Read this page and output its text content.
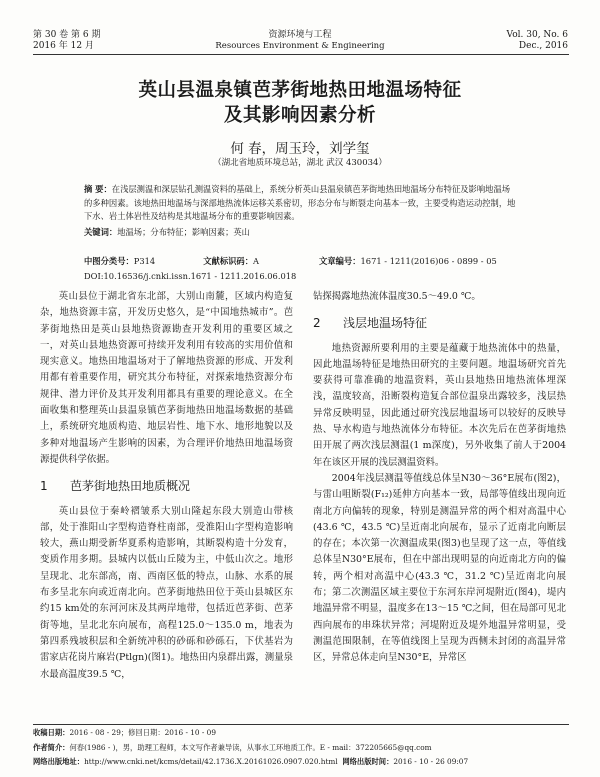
第 30 卷 第 6 期
2016 年 12 月
资源环境与工程
Resources Environment & Engineering
Vol. 30, No. 6
Dec., 2016
英山县温泉镇芭茅街地热田地温场特征
及其影响因素分析
何 春，周玉玲，刘学玺
（湖北省地质环境总站，湖北 武汉 430034）
摘 要：在浅层测温和深层钻孔测温资料的基础上，系统分析英山县温泉镇芭茅街地热田地温场分布特征及影响地温场的多种因素。该地热田地温场与深部地热流体运移关系密切，形态分布与断裂走向基本一致，主要受构造运动控制，地下水、岩土体岩性及结构是其地温场分布的重要影响因素。
关键词：地温场；分布特征；影响因素；英山
中图分类号：P314	文献标识码：A	文章编号：1671 - 1211(2016)06 - 0899 - 05
DOI:10.16536/j.cnki.issn.1671 - 1211.2016.06.018

英山县位于湖北省东北部，大别山南麓，区域内构造复杂，地热资源丰富，开发历史悠久，是“中国地热城市”。芭茅街地热田是英山县地热资源勘查开发利用的重要区域之一，对英山县地热资源可持续开发利用有较高的实用价值和现实意义。地热田地温场对于了解地热资源的形成、开发利用都有着重要作用，研究其分布特征，对探索地热资源分布规律、潜力评价及其开发利用都具有重要的理论意义。在全面收集和整理英山县温泉镇芭茅街地热田地温场数据的基础上，系统研究地质构造、地层岩性、地下水、地形地貌以及多种对地温场产生影响的因素，为合理评价地热田地温场资源提供科学依据。

1 芭茅街地热田地质概况

英山县位于秦岭褶皱系大别山隆起东段大别造山带核部，处于淮阳山字型构造脊柱南部，受淮阳山字型构造影响较大，燕山期受新华夏系构造影响，其断裂构造十分发育，变质作用多期。县城内以低山丘陵为主，中低山次之。地形呈现北、北东部高，南、西南区低的特点，山脉、水系的展布多呈北东向或近南北向。芭茅街地热田位于英山县城区东约15 km处的东河河床及其两岸地带，包括近芭茅街、芭茅街等地，呈北北东向展布，高程125.0～135.0 m，地表为第四系残坡积层和全新统冲积的砂砾和砂砾石，下伏基岩为雷家店花岗片麻岩(Ptlgn)(图1)。地热田内泉群出露，测量泉水最高温度39.5 ℃，

钻探揭露地热流体温度30.5～49.0 ℃。

2 浅层地温场特征

地热资源所要利用的主要是蕴藏于地热流体中的热量，因此地温场特征是地热田研究的主要问题。地温场研究首先要获得可靠准确的地温资料，英山县地热田地热流体埋深浅，温度较高，沿断裂构造复合部位温泉出露较多，浅层热异常反映明显，因此通过研究浅层地温场可以较好的反映导热、导水构造与地热流体分布特征。本次先后在芭茅街地热田开展了两次浅层测温(1 m深度)，另外收集了前人于2004年在该区开展的浅层测温资料。

2004年浅层测温等值线总体呈N30～36°E展布(图2)，与雷山咀断裂(F₁₂)延伸方向基本一致，局部等值线出现向近南北方向偏转的现象，特别是测温异常的两个相对高温中心(43.6 ℃，43.5 ℃)呈近南北向展布，显示了近南北向断层的存在；本次第一次测温成果(图3)也呈现了这一点，等值线总体呈N30°E展布，但在中部出现明显的向近南北方向的偏转，两个相对高温中心(43.3 ℃，31.2 ℃)呈近南北向展布；第二次测温区域主要位于东河东岸河堤附近(图4)，堤内地温异常不明显，温度多在13～15 ℃之间，但在局部可见北西向展布的串珠状异常；河堤附近及堤外地温异常明显，受测温范围限制，在等值线图上呈现为西侧未封闭的高温异常区，异常总体走向呈N30°E，异常区

收稿日期：2016 - 08 - 29；修回日期：2016 - 10 - 09
作者简介：何春(1986 - )，男，助理工程师，本文写作者兼导读，从事水工环地质工作。E - mail：372205665@qq.com
网络出版地址：http://www.cnki.net/kcms/detail/42.1736.X.20161026.0907.020.html 网络出版时间：2016 - 10 - 26 09:07
